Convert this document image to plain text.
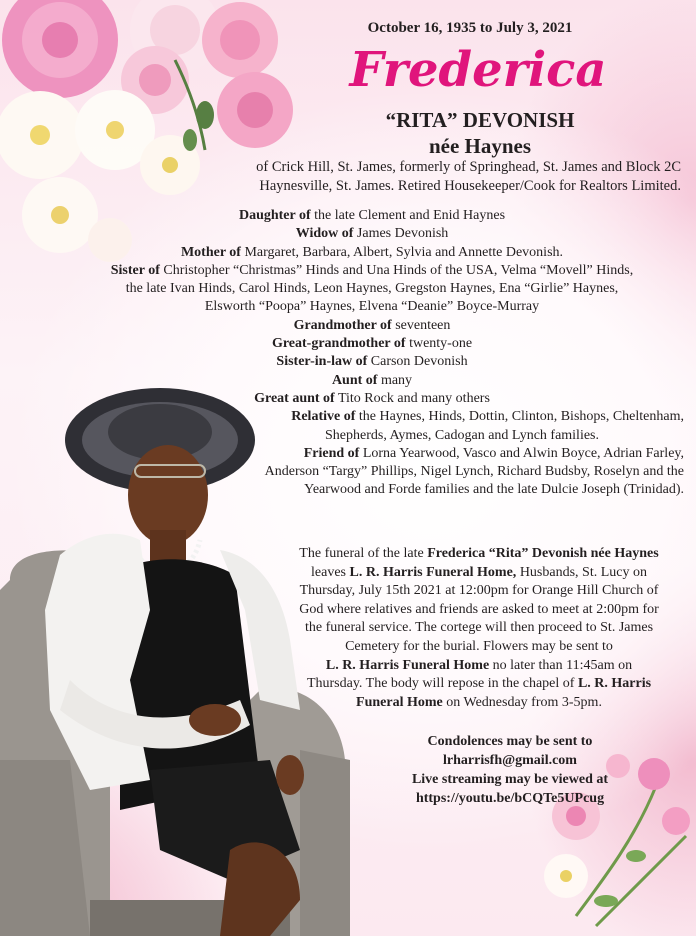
October 16, 1935 to July 3, 2021
Frederica
“RITA” DEVONISH
née Haynes
of Crick Hill, St. James, formerly of Springhead, St. James and Block 2C
Haynesville, St. James. Retired Housekeeper/Cook for Realtors Limited.
Daughter of the late Clement and Enid Haynes
Widow of James Devonish
Mother of Margaret, Barbara, Albert, Sylvia and Annette Devonish.
Sister of Christopher “Christmas” Hinds and Una Hinds of the USA, Velma “Movell” Hinds,
the late Ivan Hinds, Carol Hinds, Leon Haynes, Gregston Haynes, Ena “Girlie” Haynes,
Elsworth “Poopa” Haynes, Elvena “Deanie” Boyce-Murray
Grandmother of seventeen
Great-grandmother of twenty-one
Sister-in-law of Carson Devonish
Aunt of many
Great aunt of Tito Rock and many others
Relative of the Haynes, Hinds, Dottin, Clinton, Bishops, Cheltenham,
Shepherds, Aymes, Cadogan and Lynch families.
Friend of Lorna Yearwood, Vasco and Alwin Boyce, Adrian Farley,
Anderson “Targy” Phillips, Nigel Lynch, Richard Budsby, Roselyn and the
Yearwood and Forde families and the late Dulcie Joseph (Trinidad).
The funeral of the late Frederica “Rita” Devonish née Haynes
leaves L. R. Harris Funeral Home, Husbands, St. Lucy on
Thursday, July 15th 2021 at 12:00pm for Orange Hill Church of
God where relatives and friends are asked to meet at 2:00pm for
the funeral service. The cortege will then proceed to St. James
Cemetery for the burial. Flowers may be sent to
L. R. Harris Funeral Home no later than 11:45am on
Thursday. The body will repose in the chapel of L. R. Harris
Funeral Home on Wednesday from 3-5pm.
Condolences may be sent to
lrharrisfh@gmail.com
Live streaming may be viewed at
https://youtu.be/bCQTe5UPcug
